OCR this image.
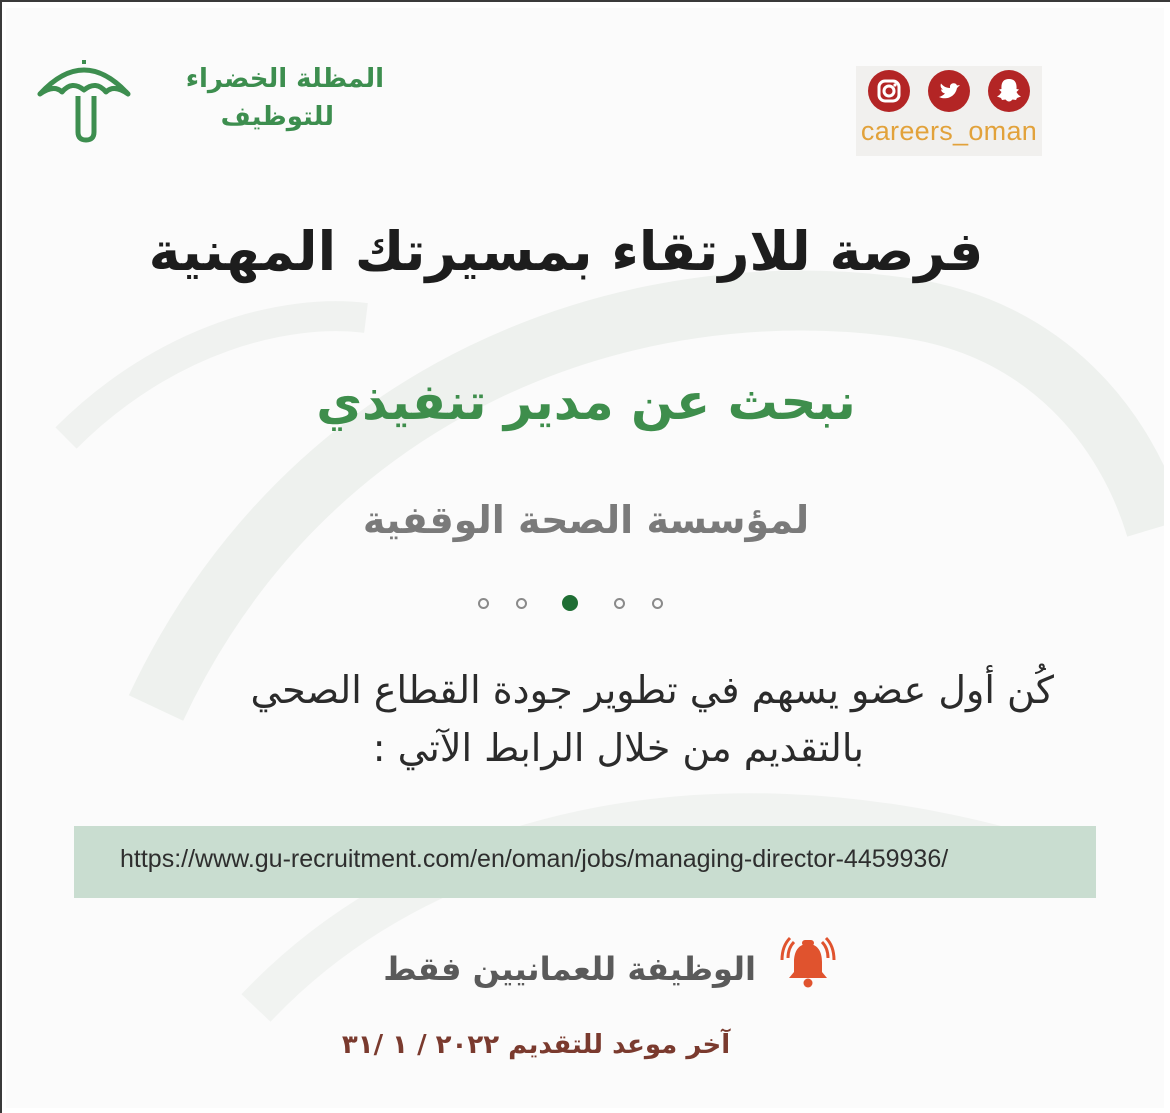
المظلة الخضراء
للتوظيف	careers_oman
فرصة للارتقاء بمسيرتك المهنية
نبحث عن مدير تنفيذي
لمؤسسة الصحة الوقفية
كُن أول عضو يسهم في تطوير جودة القطاع الصحي
بالتقديم من خلال الرابط الآتي :
https://www.gu-recruitment.com/en/oman/jobs/managing-director-4459936/
الوظيفة للعمانيين فقط
آخر موعد للتقديم ٢٠٢٢ / ١ /٣١
